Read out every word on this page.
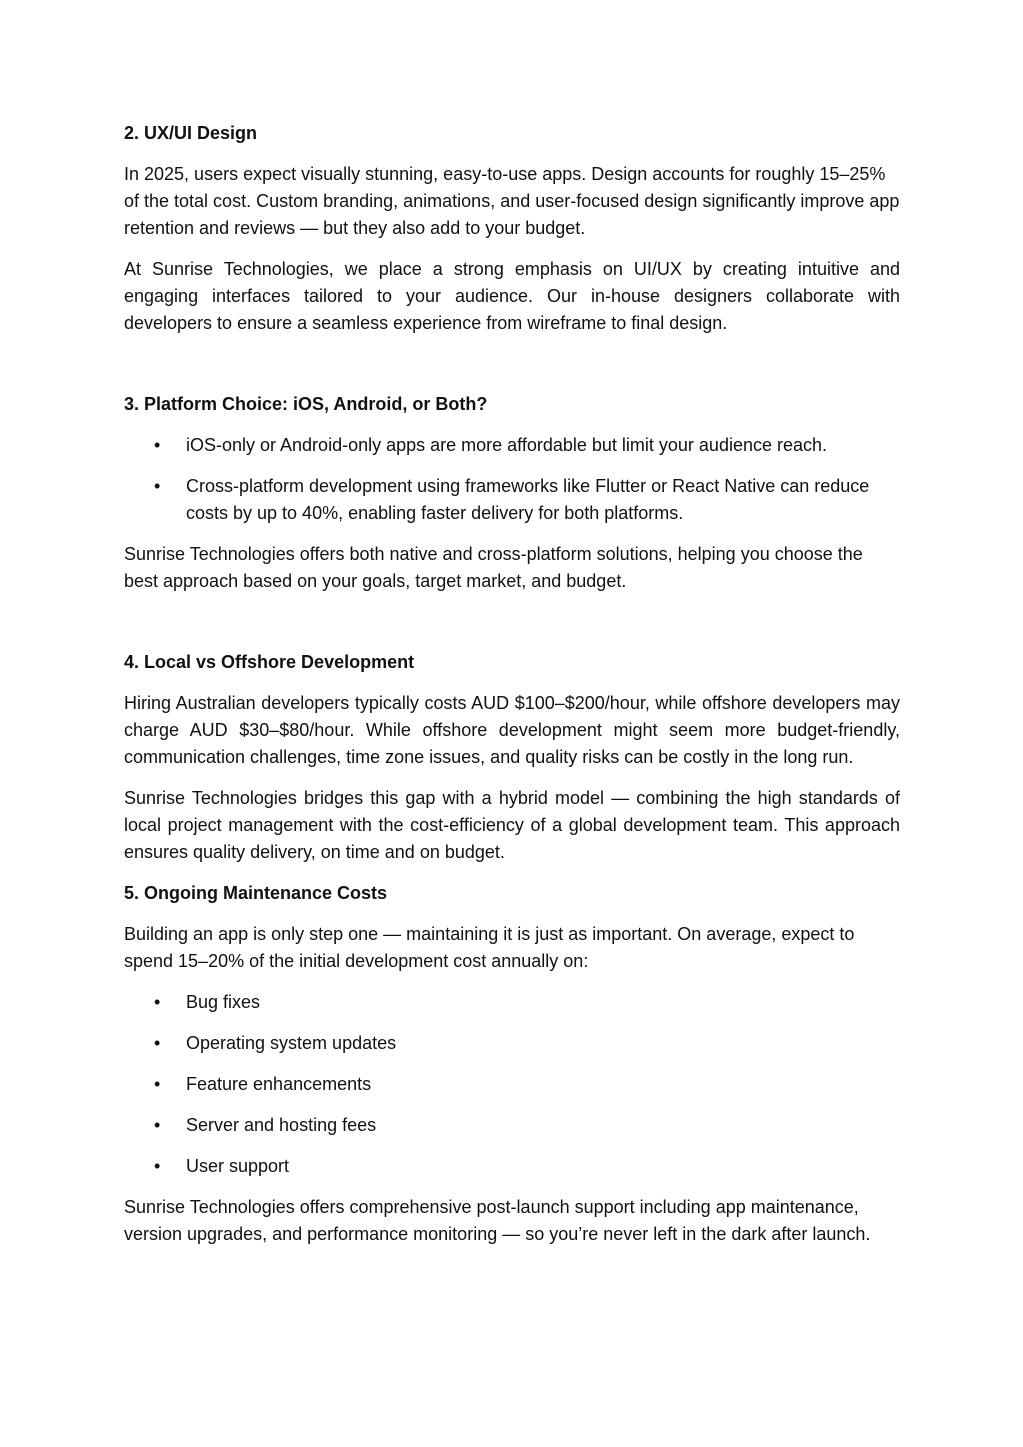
2. UX/UI Design

In 2025, users expect visually stunning, easy-to-use apps. Design accounts for roughly 15–25% of the total cost. Custom branding, animations, and user-focused design significantly improve app retention and reviews — but they also add to your budget.

At Sunrise Technologies, we place a strong emphasis on UI/UX by creating intuitive and engaging interfaces tailored to your audience. Our in-house designers collaborate with developers to ensure a seamless experience from wireframe to final design.

3. Platform Choice: iOS, Android, or Both?
• iOS-only or Android-only apps are more affordable but limit your audience reach.
• Cross-platform development using frameworks like Flutter or React Native can reduce costs by up to 40%, enabling faster delivery for both platforms.

Sunrise Technologies offers both native and cross-platform solutions, helping you choose the best approach based on your goals, target market, and budget.

4. Local vs Offshore Development

Hiring Australian developers typically costs AUD $100–$200/hour, while offshore developers may charge AUD $30–$80/hour. While offshore development might seem more budget-friendly, communication challenges, time zone issues, and quality risks can be costly in the long run.

Sunrise Technologies bridges this gap with a hybrid model — combining the high standards of local project management with the cost-efficiency of a global development team. This approach ensures quality delivery, on time and on budget.

5. Ongoing Maintenance Costs

Building an app is only step one — maintaining it is just as important. On average, expect to spend 15–20% of the initial development cost annually on:

• Bug fixes
• Operating system updates
• Feature enhancements
• Server and hosting fees
• User support

Sunrise Technologies offers comprehensive post-launch support including app maintenance, version upgrades, and performance monitoring — so you’re never left in the dark after launch.
